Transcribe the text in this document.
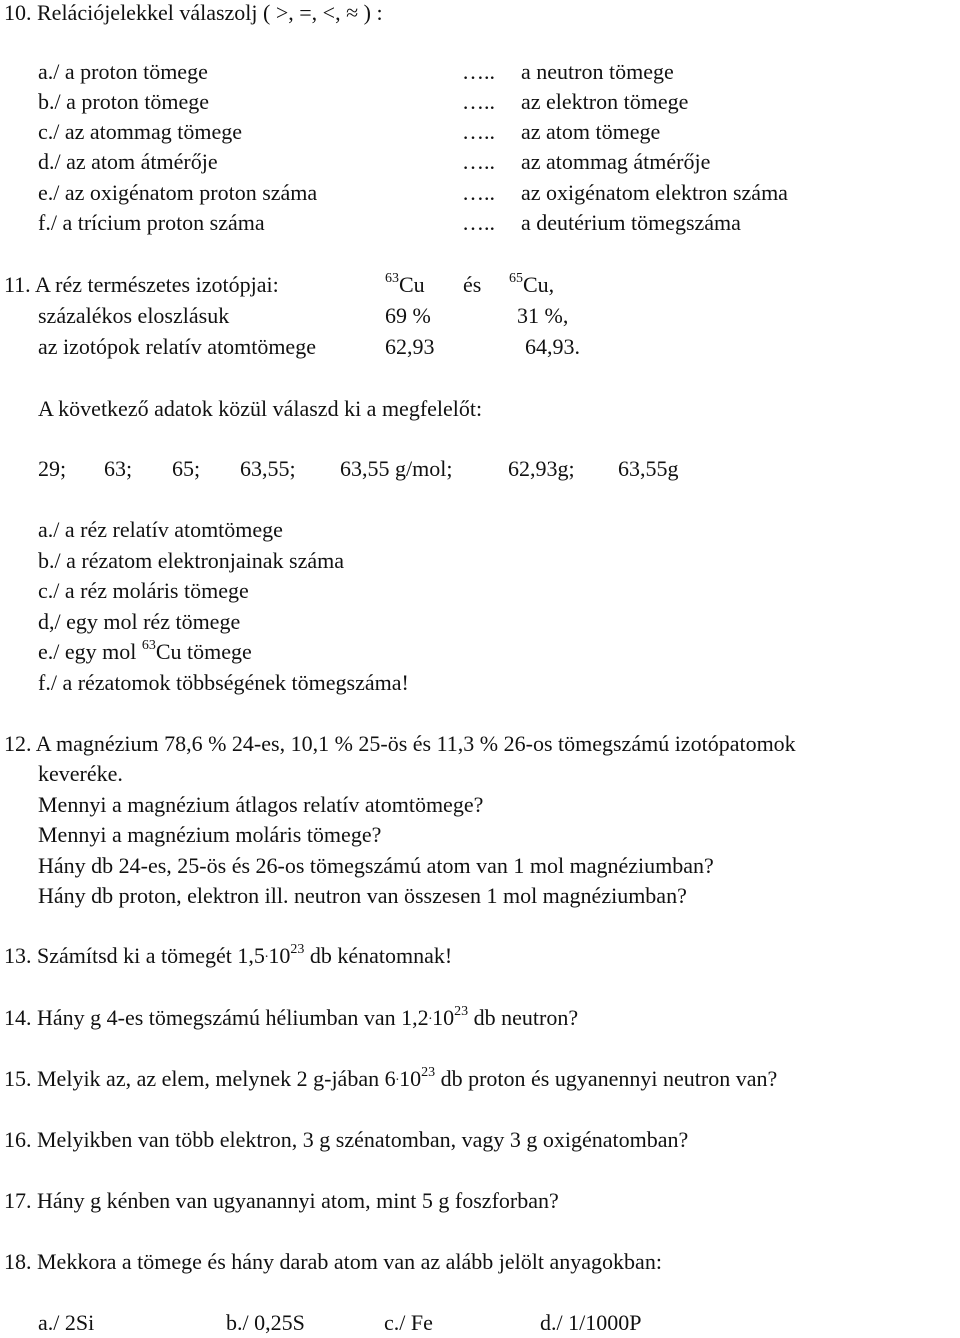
10. Relációjelekkel válaszolj ( >, =, <, ≈ ) :
a./ a proton tömege	….. a neutron tömege
b./ a proton tömege	….. az elektron tömege
c./ az atommag tömege	….. az atom tömege
d./ az atom átmérője	….. az atommag átmérője
e./ az oxigénatom proton száma	….. az oxigénatom elektron száma
f./ a trícium proton száma	….. a deutérium tömegszáma
11. A réz természetes izotópjai:	$^{63}$Cu és $^{65}$Cu,
százalékos eloszlásuk	69 %	31 %,
az izotópok relatív atomtömege	62,93	64,93.
A következő adatok közül válaszd ki a megfelelőt:
29; 63; 65; 63,55; 63,55 g/mol;	62,93g; 63,55g
a./ a réz relatív atomtömege
b./ a rézatom elektronjainak száma
c./ a réz moláris tömege
d,/ egy mol réz tömege
e./ egy mol $^{63}$Cu tömege
f./ a rézatomok többségének tömegszáma!
12. A magnézium 78,6 % 24-es, 10,1 % 25-ös és 11,3 % 26-os tömegszámú izotópatomok
keveréke.
Mennyi a magnézium átlagos relatív atomtömege?
Mennyi a magnézium moláris tömege?
Hány db 24-es, 25-ös és 26-os tömegszámú atom van 1 mol magnéziumban?
Hány db proton, elektron ill. neutron van összesen 1 mol magnéziumban?
13. Számítsd ki a tömegét $1,5^.10^{23}$ db kénatomnak!
14. Hány g 4-es tömegszámú héliumban van $1,2^.10^{23}$ db neutron?
15. Melyik az, az elem, melynek 2 g-jában $6^.10^{23}$ db proton és ugyanennyi neutron van?
16. Melyikben van több elektron, 3 g szénatomban, vagy 3 g oxigénatomban?
17. Hány g kénben van ugyanannyi atom, mint 5 g foszforban?
18. Mekkora a tömege és hány darab atom van az alább jelölt anyagokban:
a./ 2Si	b./ 0,25S	c./ Fe	d./ 1/1000P
